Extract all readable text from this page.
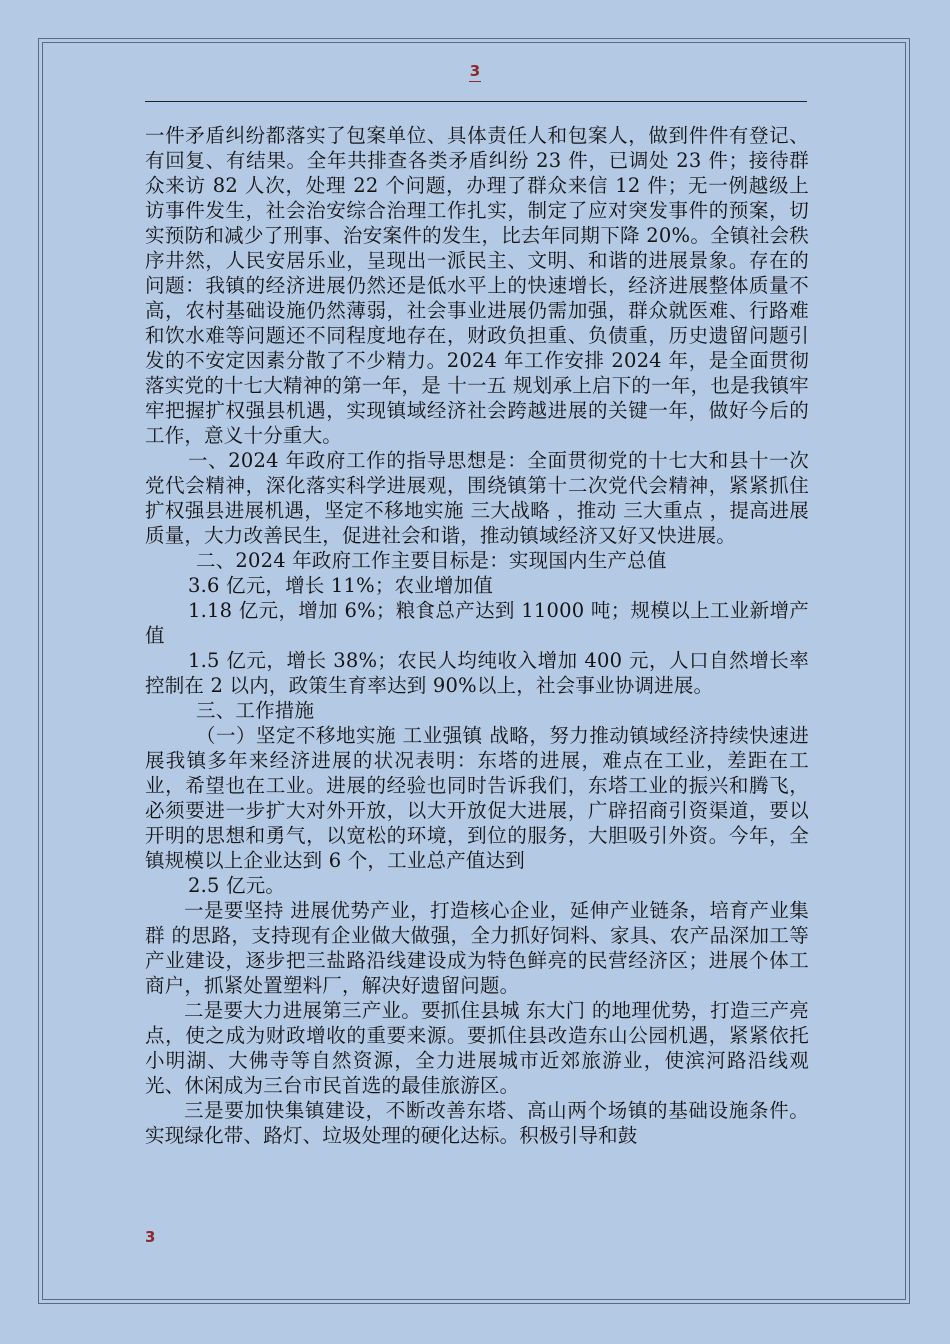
3

一件矛盾纠纷都落实了包案单位、具体责任人和包案人，做到件件有登记、有回复、有结果。全年共排查各类矛盾纠纷 23 件，已调处 23 件；接待群众来访 82 人次，处理 22 个问题，办理了群众来信 12 件；无一例越级上访事件发生，社会治安综合治理工作扎实，制定了应对突发事件的预案，切实预防和减少了刑事、治安案件的发生，比去年同期下降 20%。全镇社会秩序井然，人民安居乐业，呈现出一派民主、文明、和谐的进展景象。存在的问题：我镇的经济进展仍然还是低水平上的快速增长，经济进展整体质量不高，农村基础设施仍然薄弱，社会事业进展仍需加强，群众就医难、行路难和饮水难等问题还不同程度地存在，财政负担重、负债重，历史遗留问题引发的不安定因素分散了不少精力。2024 年工作安排 2024 年，是全面贯彻落实党的十七大精神的第一年，是 十一五 规划承上启下的一年，也是我镇牢牢把握扩权强县机遇，实现镇域经济社会跨越进展的关键一年，做好今后的工作，意义十分重大。

一、2024 年政府工作的指导思想是：全面贯彻党的十七大和县十一次党代会精神，深化落实科学进展观，围绕镇第十二次党代会精神，紧紧抓住扩权强县进展机遇，坚定不移地实施 三大战略 ，推动 三大重点 ，提高进展质量，大力改善民生，促进社会和谐，推动镇域经济又好又快进展。

二、2024 年政府工作主要目标是：实现国内生产总值

3.6 亿元，增长 11%；农业增加值

1.18 亿元，增加 6%；粮食总产达到 11000 吨；规模以上工业新增产值

1.5 亿元，增长 38%；农民人均纯收入增加 400 元，人口自然增长率控制在 2 以内，政策生育率达到 90%以上，社会事业协调进展。

三、工作措施

（一）坚定不移地实施 工业强镇 战略，努力推动镇域经济持续快速进展我镇多年来经济进展的状况表明：东塔的进展，难点在工业，差距在工业，希望也在工业。进展的经验也同时告诉我们，东塔工业的振兴和腾飞，必须要进一步扩大对外开放，以大开放促大进展，广辟招商引资渠道，要以开明的思想和勇气，以宽松的环境，到位的服务，大胆吸引外资。今年，全镇规模以上企业达到 6 个，工业总产值达到

2.5 亿元。

一是要坚持 进展优势产业，打造核心企业，延伸产业链条，培育产业集群 的思路，支持现有企业做大做强，全力抓好饲料、家具、农产品深加工等产业建设，逐步把三盐路沿线建设成为特色鲜亮的民营经济区；进展个体工商户，抓紧处置塑料厂，解决好遗留问题。

二是要大力进展第三产业。要抓住县城 东大门 的地理优势，打造三产亮点，使之成为财政增收的重要来源。要抓住县改造东山公园机遇，紧紧依托小明湖、大佛寺等自然资源，全力进展城市近郊旅游业，使滨河路沿线观光、休闲成为三台市民首选的最佳旅游区。

三是要加快集镇建设，不断改善东塔、高山两个场镇的基础设施条件。实现绿化带、路灯、垃圾处理的硬化达标。积极引导和鼓

3
